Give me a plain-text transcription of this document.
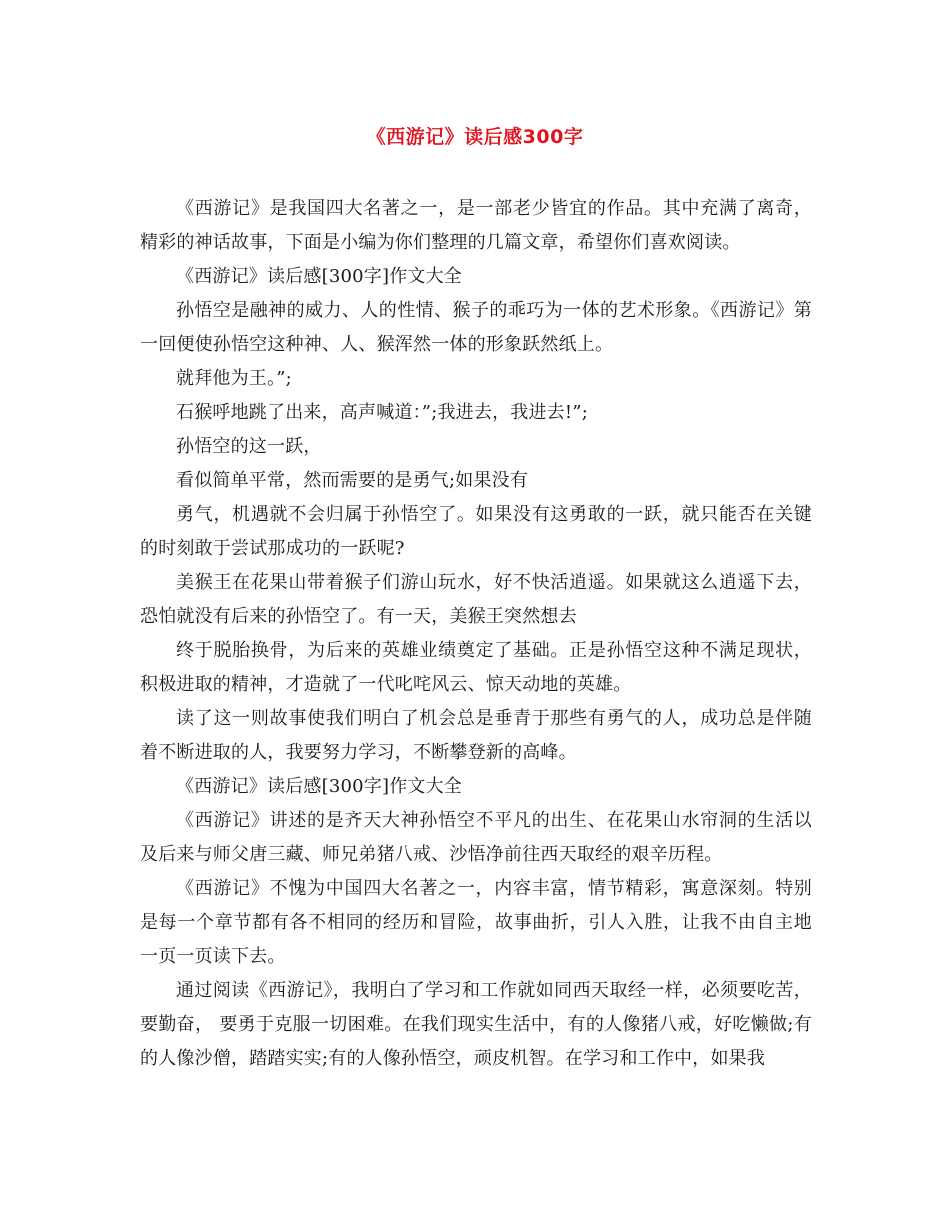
《西游记》读后感300字

《西游记》是我国四大名著之一，是一部老少皆宜的作品。其中充满了离奇，精彩的神话故事，下面是小编为你们整理的几篇文章，希望你们喜欢阅读。

《西游记》读后感[300字]作文大全

孙悟空是融神的威力、人的性情、猴子的乖巧为一体的艺术形象。《西游记》第一回便使孙悟空这种神、人、猴浑然一体的形象跃然纸上。

就拜他为王。”;

石猴呼地跳了出来，高声喊道：”;我进去，我进去!”;

孙悟空的这一跃，

看似简单平常，然而需要的是勇气;如果没有

勇气，机遇就不会归属于孙悟空了。如果没有这勇敢的一跃，就只能否在关键的时刻敢于尝试那成功的一跃呢?

美猴王在花果山带着猴子们游山玩水，好不快活逍遥。如果就这么逍遥下去，恐怕就没有后来的孙悟空了。有一天，美猴王突然想去

终于脱胎换骨，为后来的英雄业绩奠定了基础。正是孙悟空这种不满足现状，积极进取的精神，才造就了一代叱咤风云、惊天动地的英雄。

读了这一则故事使我们明白了机会总是垂青于那些有勇气的人，成功总是伴随着不断进取的人，我要努力学习，不断攀登新的高峰。

《西游记》读后感[300字]作文大全

《西游记》讲述的是齐天大神孙悟空不平凡的出生、在花果山水帘洞的生活以及后来与师父唐三藏、师兄弟猪八戒、沙悟净前往西天取经的艰辛历程。

《西游记》不愧为中国四大名著之一，内容丰富，情节精彩，寓意深刻。特别是每一个章节都有各不相同的经历和冒险，故事曲折，引人入胜，让我不由自主地一页一页读下去。

通过阅读《西游记》，我明白了学习和工作就如同西天取经一样，必须要吃苦，要勤奋， 要勇于克服一切困难。在我们现实生活中，有的人像猪八戒，好吃懒做;有的人像沙僧，踏踏实实;有的人像孙悟空，顽皮机智。在学习和工作中，如果我
